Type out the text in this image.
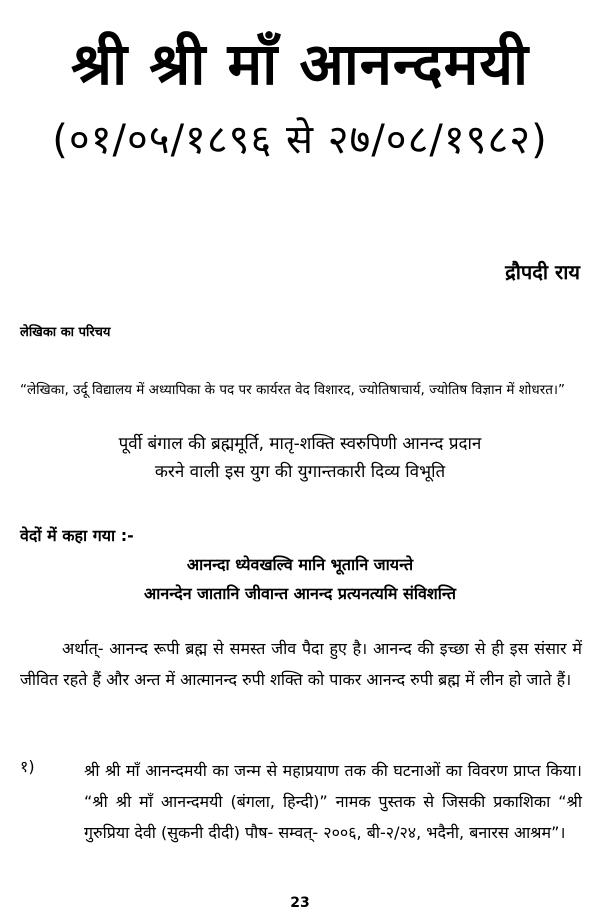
श्री श्री माँ आनन्दमयी
(०१/०५/१८९६ से २७/०८/१९८२)
द्रौपदी राय
लेखिका का परिचय
“लेखिका, उर्दू विद्यालय में अध्यापिका के पद पर कार्यरत वेद विशारद, ज्योतिषाचार्य, ज्योतिष विज्ञान में शोधरत।”
पूर्वी बंगाल की ब्रह्ममूर्ति, मातृ-शक्ति स्वरुपिणी आनन्द प्रदान
करने वाली इस युग की युगान्तकारी दिव्य विभूति
वेदों में कहा गया :-
आनन्दा ध्येवखल्वि मानि भूतानि जायन्ते
आनन्देन जातानि जीवान्त आनन्द प्रत्यनत्यमि संविशन्ति
अर्थात्- आनन्द रूपी ब्रह्म से समस्त जीव पैदा हुए है। आनन्द की इच्छा से ही इस संसार में जीवित रहते हैं और अन्त में आत्मानन्द रुपी शक्ति को पाकर आनन्द रुपी ब्रह्म में लीन हो जाते हैं।
१)	श्री श्री माँ आनन्दमयी का जन्म से महाप्रयाण तक की घटनाओं का विवरण प्राप्त किया। “श्री श्री माँ आनन्दमयी (बंगला, हिन्दी)” नामक पुस्तक से जिसकी प्रकाशिका “श्री गुरुप्रिया देवी (सुकनी दीदी) पौष- सम्वत्- २००६, बी-२/२४, भदैनी, बनारस आश्रम”।
23
